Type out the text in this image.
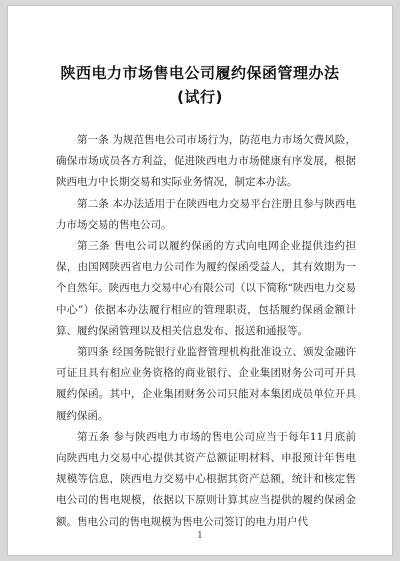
陕西电力市场售电公司履约保函管理办法
(试行)

第一条 为规范售电公司市场行为，防范电力市场欠费风险，确保市场成员各方利益，促进陕西电力市场健康有序发展，根据陕西电力中长期交易和实际业务情况，制定本办法。

第二条 本办法适用于在陕西电力交易平台注册且参与陕西电力市场交易的售电公司。

第三条 售电公司以履约保函的方式向电网企业提供违约担保，由国网陕西省电力公司作为履约保函受益人，其有效期为一个自然年。陕西电力交易中心有限公司（以下简称“陕西电力交易中心”）依据本办法履行相应的管理职责，包括履约保函金额计算、履约保函管理以及相关信息发布、报送和通报等。

第四条 经国务院银行业监督管理机构批准设立、颁发金融许可证且具有相应业务资格的商业银行、企业集团财务公司可开具履约保函。其中，企业集团财务公司只能对本集团成员单位开具履约保函。

第五条 参与陕西电力市场的售电公司应当于每年11月底前向陕西电力交易中心提供其资产总额证明材料、申报预计年售电规模等信息，陕西电力交易中心根据其资产总额，统计和核定售电公司的售电规模，依据以下原则计算其应当提供的履约保函金额。售电公司的售电规模为售电公司签订的电力用户代

1
